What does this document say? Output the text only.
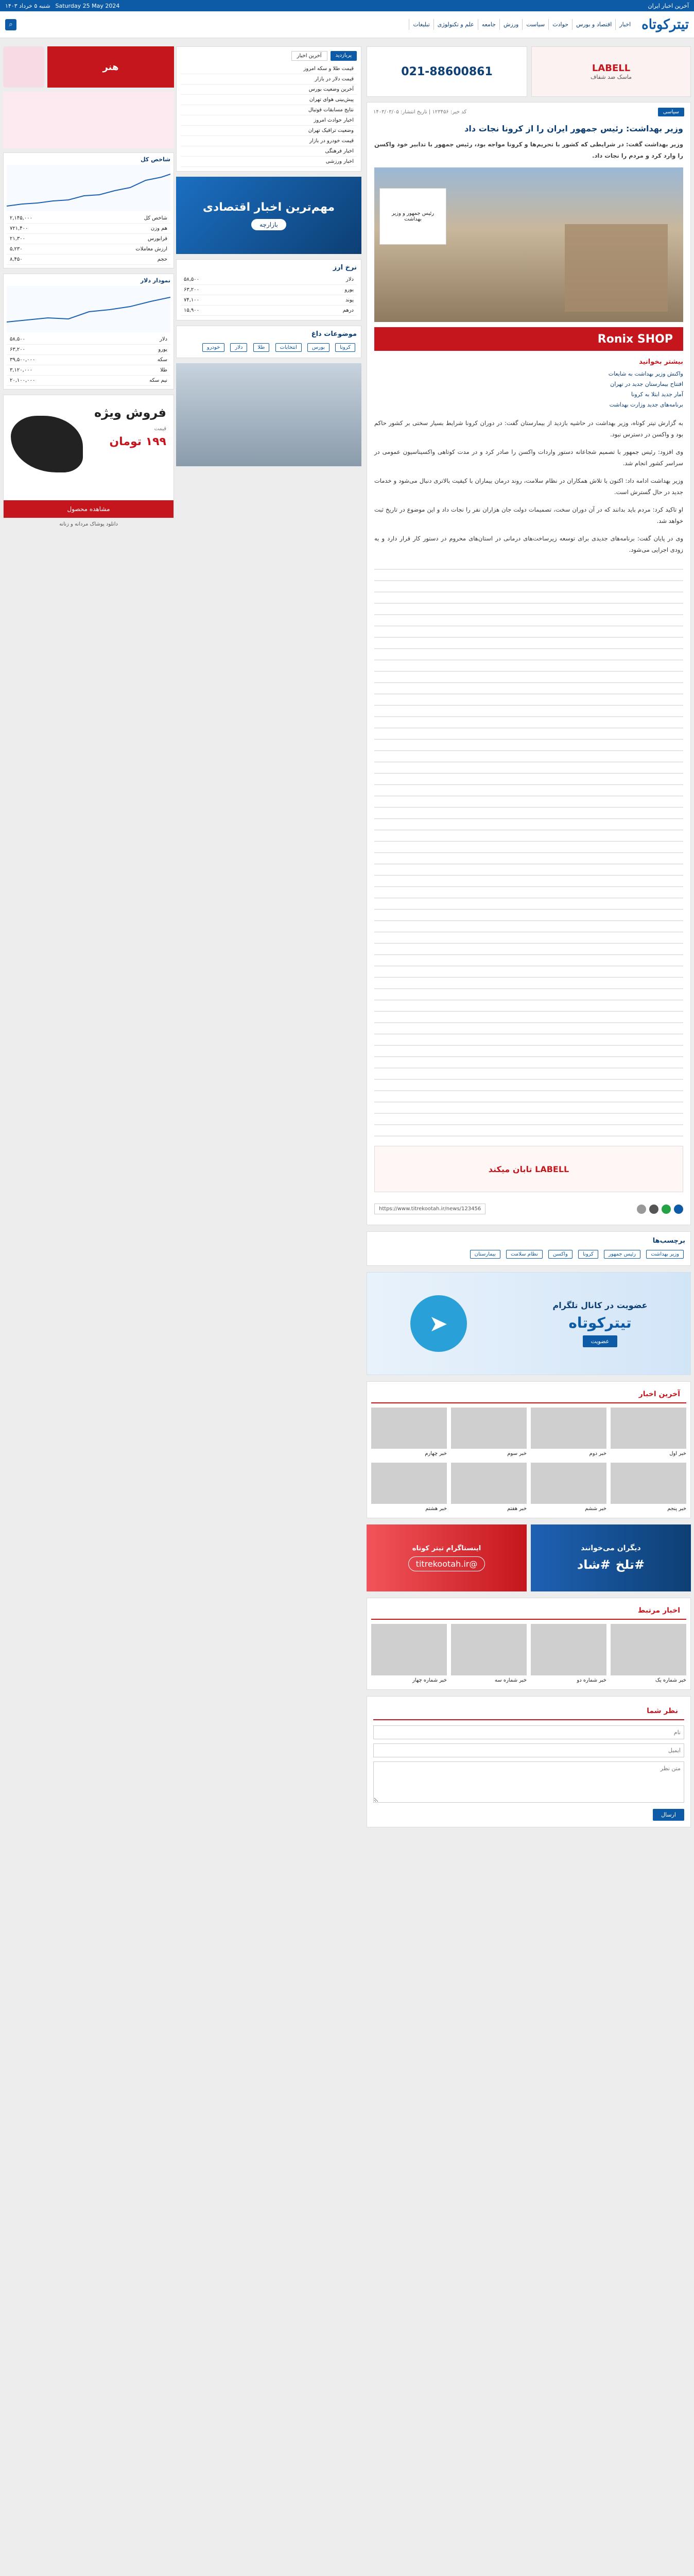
آخرین اخبار ایران
Saturday 25 May 2024
شنبه ۵ خرداد ۱۴۰۳
تیترکوتاه
اخبار
اقتصاد و بورس
حوادث
سیاست
ورزش
جامعه
علم و تکنولوژی
تبلیغات
⌕
LABELL
ماسک ضد شفاف
021-88600861
سیاسی
کد خبر: ۱۲۳۴۵۶ | تاریخ انتشار: ۱۴۰۳/۰۳/۰۵
وزیر بهداشت: رئیس جمهور ایران را از کرونا نجات داد

وزیر بهداشت گفت: در شرایطی که کشور با تحریم‌ها و کرونا مواجه بود، رئیس جمهور با تدابیر خود واکسن را وارد کرد و مردم را نجات داد.

رئیس جمهور و وزیر بهداشت
Ronix SHOP
بیشتر بخوانید
واکنش وزیر بهداشت به شایعات
افتتاح بیمارستان جدید در تهران
آمار جدید ابتلا به کرونا
برنامه‌های جدید وزارت بهداشت

به گزارش تیتر کوتاه، وزیر بهداشت در حاشیه بازدید از بیمارستان گفت: در دوران کرونا شرایط بسیار سختی بر کشور حاکم بود و واکسن در دسترس نبود.

وی افزود: رئیس جمهور با تصمیم شجاعانه دستور واردات واکسن را صادر کرد و در مدت کوتاهی واکسیناسیون عمومی در سراسر کشور انجام شد.

وزیر بهداشت ادامه داد: اکنون با تلاش همکاران در نظام سلامت، روند درمان بیماران با کیفیت بالاتری دنبال می‌شود و خدمات جدید در حال گسترش است.

او تاکید کرد: مردم باید بدانند که در آن دوران سخت، تصمیمات دولت جان هزاران نفر را نجات داد و این موضوع در تاریخ ثبت خواهد شد.

وی در پایان گفت: برنامه‌های جدیدی برای توسعه زیرساخت‌های درمانی در استان‌های محروم در دستور کار قرار دارد و به زودی اجرایی می‌شود.

LABELL تابان میکند
https://www.titrekootah.ir/news/123456
برچسب‌ها
وزیر بهداشت رئیس جمهور کرونا واکسن نظام سلامت بیمارستان
عضویت در کانال تلگرام
تیترکوتاه
عضویت
➤
آخرین اخبار
خبر اول
خبر دوم
خبر سوم
خبر چهارم
خبر پنجم
خبر ششم
خبر هفتم
خبر هشتم
دیگران می‌خوانند
#تلخ
#شاد
اینستاگرام تیتر کوتاه
@titrekootah.ir
اخبار مرتبط
خبر شماره یک
خبر شماره دو
خبر شماره سه
خبر شماره چهار
نظر شما
نام ایمیل متن نظر ارسال
پربازدید
آخرین اخبار
قیمت طلا و سکه امروز
قیمت دلار در بازار
آخرین وضعیت بورس
پیش‌بینی هوای تهران
نتایج مسابقات فوتبال
اخبار حوادث امروز
وضعیت ترافیک تهران
قیمت خودرو در بازار
اخبار فرهنگی
اخبار ورزشی
مهم‌ترین اخبار اقتصادی
بازارچه
نرخ ارز
دلار
۵۸,۵۰۰
یورو
۶۳,۲۰۰
پوند
۷۴,۱۰۰
درهم
۱۵,۹۰۰
موضوعات داغ
کرونا بورس انتخابات طلا دلار خودرو
هنر
شاخص کل
شاخص کل
۲,۱۴۵,۰۰۰
هم وزن
۷۲۱,۴۰۰
فرابورس
۲۱,۳۰۰
ارزش معاملات
۵,۲۳۰
حجم
۸,۴۵۰
نمودار دلار
دلار
۵۸,۵۰۰
یورو
۶۳,۲۰۰
سکه
۳۹,۵۰۰,۰۰۰
طلا
۳,۱۲۰,۰۰۰
نیم سکه
۲۰,۱۰۰,۰۰۰
فروش ویژه
قیمت
۱۹۹ تومان
مشاهده محصول
دانلود پوشاک مردانه و زنانه
